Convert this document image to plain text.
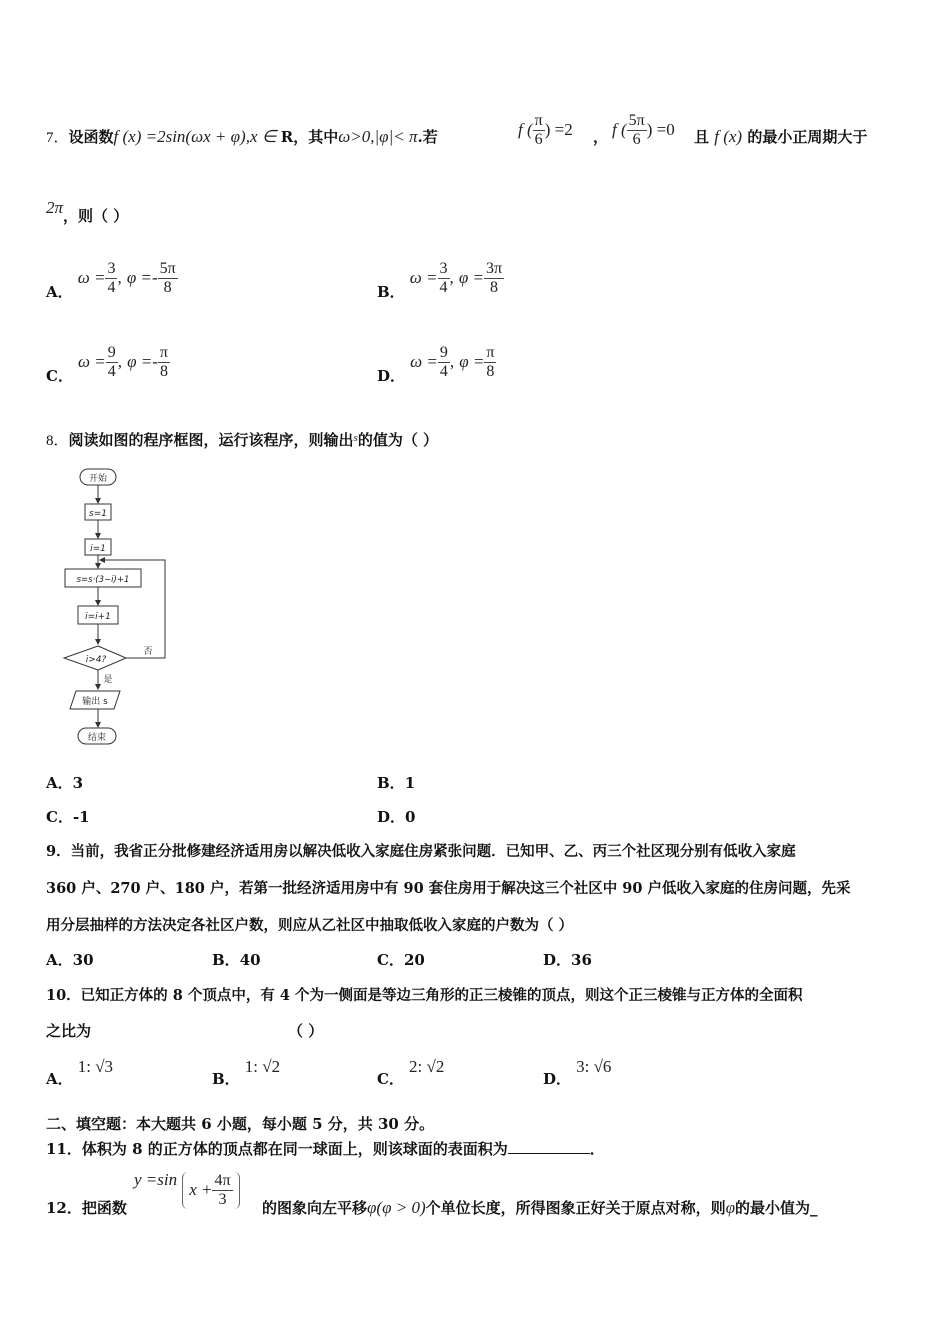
7．设函数f (x) =2sin(ωx + φ),x ∈ R，其中ω>0,|φ|< π.若	f ( $\frac{\pi}{6}$ ) =2 ， f ( $\frac{5\pi}{6}$ ) =0 且 f (x) 的最小正周期大于
2π，则（ ）
A． $\omega = \frac{3}{4}$ , $\varphi =- \frac{5\pi}{8}$	B． $\omega = \frac{3}{4}$ , $\varphi = \frac{3\pi}{8}$
C． $\omega = \frac{9}{4}$ , $\varphi =- \frac{\pi}{8}$	D． $\omega = \frac{9}{4}$ , $\varphi = \frac{\pi}{8}$
8．阅读如图的程序框图，运行该程序，则输出$^s$的值为（ ）
开始
s=1
i=1
s=s·(3−i)+1
i=i+1
i>4?
否
是
输出 s
结束
A．3	B．1
C．-1	D．0
9．当前，我省正分批修建经济适用房以解决低收入家庭住房紧张问题．已知甲、乙、丙三个社区现分别有低收入家庭
360 户、270 户、180 户，若第一批经济适用房中有 90 套住房用于解决这三个社区中 90 户低收入家庭的住房问题，先采
用分层抽样的方法决定各社区户数，则应从乙社区中抽取低收入家庭的户数为（ ）
A．30	B．40	C．20	D．36
10．已知正方体的 8 个顶点中，有 4 个为一侧面是等边三角形的正三棱锥的顶点，则这个正三棱锥与正方体的全面积
之比为	（ ）
A． 1: √3
B． 1: √2
C． 2: √2
D． 3: √6
二、填空题：本大题共 6 小题，每小题 5 分，共 30 分。
11．体积为 8 的正方体的顶点都在同一球面上，则该球面的表面积为	．
12．把函数
y =sin $x + \frac{4\pi}{3}$ 的图象向左平移φ(φ > 0)个单位长度，所得图象正好关于原点对称，则φ的最小值为_
